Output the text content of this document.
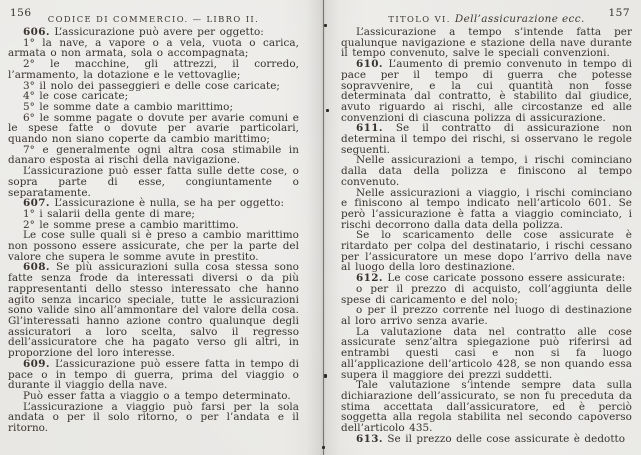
156 CODICE DI COMMERCIO. — LIBRO II.

606. L’assicurazione può avere per oggetto:

1° la nave, a vapore o a vela, vuota o carica, armata o non armata, sola o accompagnata;

2° le macchine, gli attrezzi, il corredo, l’armamento, la dotazione e le vettovaglie;

3° il nolo dei passeggieri e delle cose caricate;

4° le cose caricate;

5° le somme date a cambio marittimo;

6° le somme pagate o dovute per avarie comuni e le spese fatte o dovute per avarie particolari, quando non siano coperte da cambio marittimo;

7° e generalmente ogni altra cosa stimabile in danaro esposta ai rischi della navigazione.

L’assicurazione può esser fatta sulle dette cose, o sopra parte di esse, congiuntamente o separatamente.

607. L’assicurazione è nulla, se ha per oggetto:

1° i salarii della gente di mare;

2° le somme prese a cambio marittimo.

Le cose sulle quali si è preso a cambio marittimo non possono essere assicurate, che per la parte del valore che supera le somme avute in prestito.

608. Se più assicurazioni sulla cosa stessa sono fatte senza frode da interessati diversi o da più rappresentanti dello stesso interessato che hanno agito senza incarico speciale, tutte le assicurazioni sono valide sino all’ammontare del valore della cosa. Gl’interessati hanno azione contro qualunque degli assicuratori a loro scelta, salvo il regresso dell’assicuratore che ha pagato verso gli altri, in proporzione del loro interesse.

609. L’assicurazione può essere fatta in tempo di pace o in tempo di guerra, prima del viaggio o durante il viaggio della nave.

Può esser fatta a viaggio o a tempo determinato.

L’assicurazione a viaggio può farsi per la sola andata o per il solo ritorno, o per l’andata e il ritorno.

TITOLO VI. Dell’assicurazione ecc. 157

L’assicurazione a tempo s’intende fatta per qualunque navigazione e stazione della nave durante il tempo convenuto, salve le speciali convenzioni.

610. L’aumento di premio convenuto in tempo di pace per il tempo di guerra che potesse sopravvenire, e la cui quantità non fosse determinata dal contratto, è stabilito dal giudice, avuto riguardo ai rischi, alle circostanze ed alle convenzioni di ciascuna polizza di assicurazione.

611. Se il contratto di assicurazione non determina il tempo dei rischi, si osservano le regole seguenti.

Nelle assicurazioni a tempo, i rischi cominciano dalla data della polizza e finiscono al tempo convenuto.

Nelle assicurazioni a viaggio, i rischi cominciano e finiscono al tempo indicato nell’articolo 601. Se però l’assicurazione è fatta a viaggio cominciato, i rischi decorrono dalla data della polizza.

Se lo scaricamento delle cose assicurate è ritardato per colpa del destinatario, i rischi cessano per l’assicuratore un mese dopo l’arrivo della nave al luogo della loro destinazione.

612. Le cose caricate possono essere assicurate:

o per il prezzo di acquisto, coll’aggiunta delle spese di caricamento e del nolo;

o per il prezzo corrente nel luogo di destinazione al loro arrivo senza avarie.

La valutazione data nel contratto alle cose assicurate senz’altra spiegazione può riferirsi ad entrambi questi casi e non si fa luogo all’applicazione dell’articolo 428, se non quando essa supera il maggiore dei prezzi suddetti.

Tale valutazione s’intende sempre data sulla dichiarazione dell’assicurato, se non fu preceduta da stima accettata dall’assicuratore, ed è perciò soggetta alla regola stabilita nel secondo capoverso dell’articolo 435.

613. Se il prezzo delle cose assicurate è dedotto
